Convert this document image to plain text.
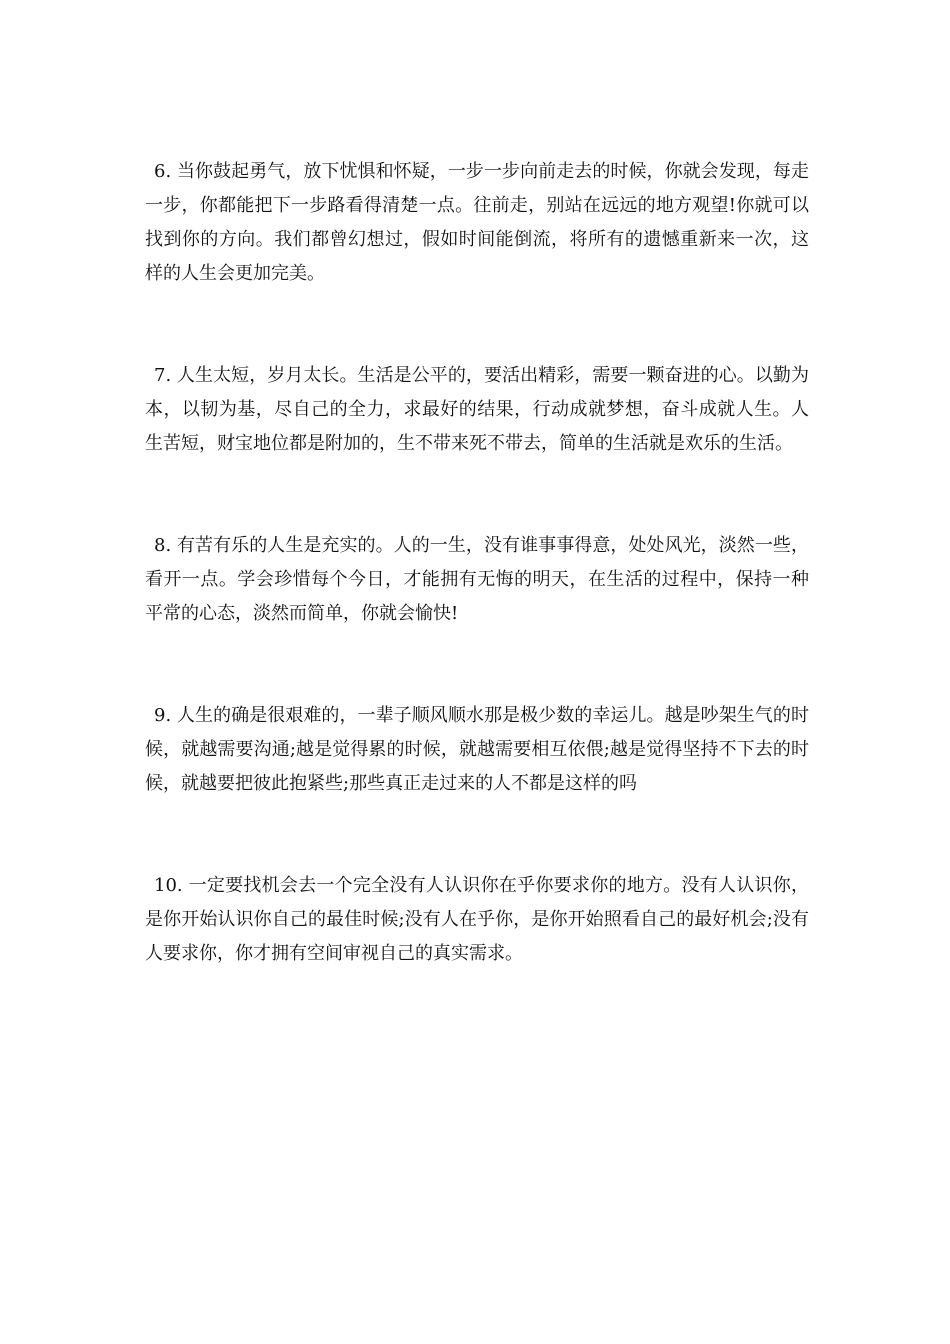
6. 当你鼓起勇气，放下忧惧和怀疑，一步一步向前走去的时候，你就会发现，每走一步，你都能把下一步路看得清楚一点。往前走，别站在远远的地方观望!你就可以找到你的方向。我们都曾幻想过，假如时间能倒流，将所有的遗憾重新来一次，这样的人生会更加完美。

7. 人生太短，岁月太长。生活是公平的，要活出精彩，需要一颗奋进的心。以勤为本，以韧为基，尽自己的全力，求最好的结果，行动成就梦想，奋斗成就人生。人生苦短，财宝地位都是附加的，生不带来死不带去，简单的生活就是欢乐的生活。

8. 有苦有乐的人生是充实的。人的一生，没有谁事事得意，处处风光，淡然一些，看开一点。学会珍惜每个今日，才能拥有无悔的明天，在生活的过程中，保持一种平常的心态，淡然而简单，你就会愉快!

9. 人生的确是很艰难的，一辈子顺风顺水那是极少数的幸运儿。越是吵架生气的时候，就越需要沟通;越是觉得累的时候，就越需要相互依偎;越是觉得坚持不下去的时候，就越要把彼此抱紧些;那些真正走过来的人不都是这样的吗

10. 一定要找机会去一个完全没有人认识你在乎你要求你的地方。没有人认识你，是你开始认识你自己的最佳时候;没有人在乎你，是你开始照看自己的最好机会;没有人要求你，你才拥有空间审视自己的真实需求。
